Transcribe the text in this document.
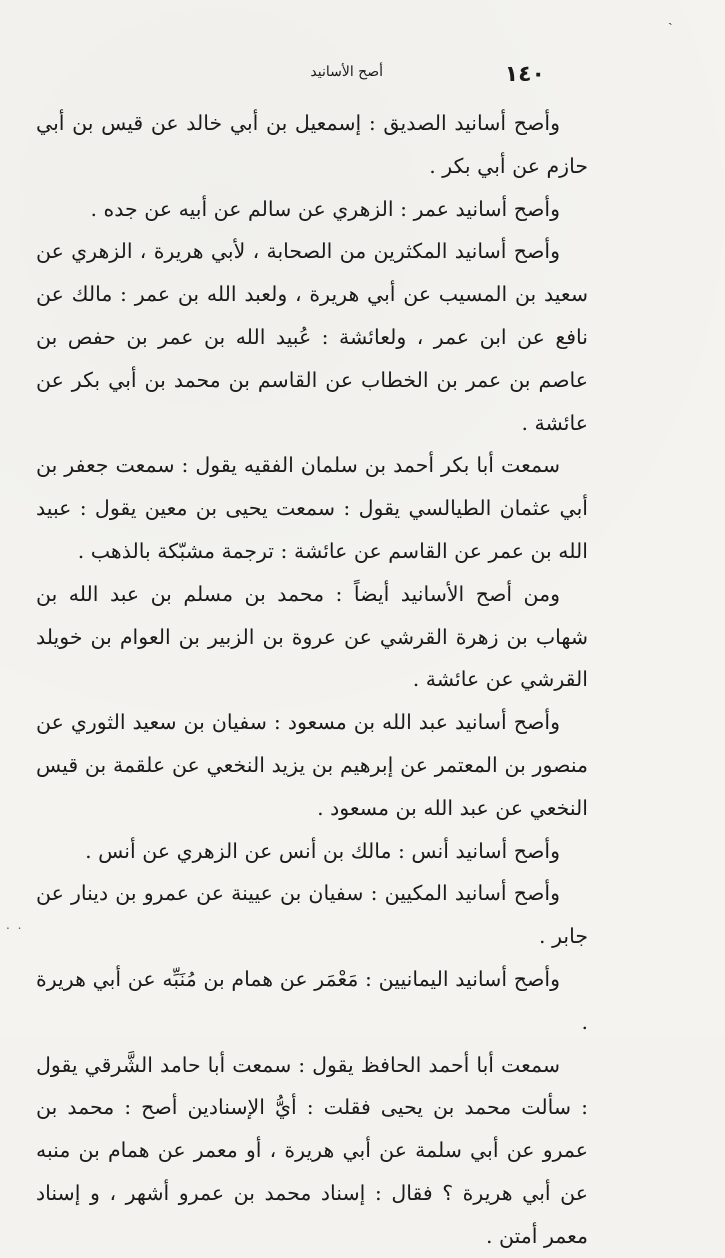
ˏ
١٤٠
أصح الأسانيد

وأصح أسانيد الصديق : إسمعيل بن أبي خالد عن قيس بن أبي حازم عن أبي بكر .

وأصح أسانيد عمر : الزهري عن سالم عن أبيه عن جده .

وأصح أسانيد المكثرين من الصحابة ، لأبي هريرة ، الزهري عن سعيد بن المسيب عن أبي هريرة ، ولعبد الله بن عمر : مالك عن نافع عن ابن عمر ، ولعائشة : عُبيد الله بن عمر بن حفص بن عاصم بن عمر بن الخطاب عن القاسم بن محمد بن أبي بكر عن عائشة .

سمعت أبا بكر أحمد بن سلمان الفقيه يقول : سمعت جعفر بن أبي عثمان الطيالسي يقول : سمعت يحيى بن معين يقول : عبيد الله بن عمر عن القاسم عن عائشة : ترجمة مشبّكة بالذهب .

ومن أصح الأسانيد أيضاً : محمد بن مسلم بن عبد الله بن شهاب بن زهرة القرشي عن عروة بن الزبير بن العوام بن خويلد القرشي عن عائشة .

وأصح أسانيد عبد الله بن مسعود : سفيان بن سعيد الثوري عن منصور بن المعتمر عن إبرهيم بن يزيد النخعي عن علقمة بن قيس النخعي عن عبد الله بن مسعود .

وأصح أسانيد أنس : مالك بن أنس عن الزهري عن أنس .

وأصح أسانيد المكيين : سفيان بن عيينة عن عمرو بن دينار عن جابر .

وأصح أسانيد اليمانيين : مَعْمَر عن همام بن مُنَبِّه عن أبي هريرة .

سمعت أبا أحمد الحافظ يقول : سمعت أبا حامد الشَّرقي يقول : سألت محمد بن يحيى فقلت : أيُّ الإسنادين أصح : محمد بن عمرو عن أبي سلمة عن أبي هريرة ، أو معمر عن همام بن منبه عن أبي هريرة ؟ فقال : إسناد محمد بن عمرو أشهر ، و إسناد معمر أمتن .

. .
